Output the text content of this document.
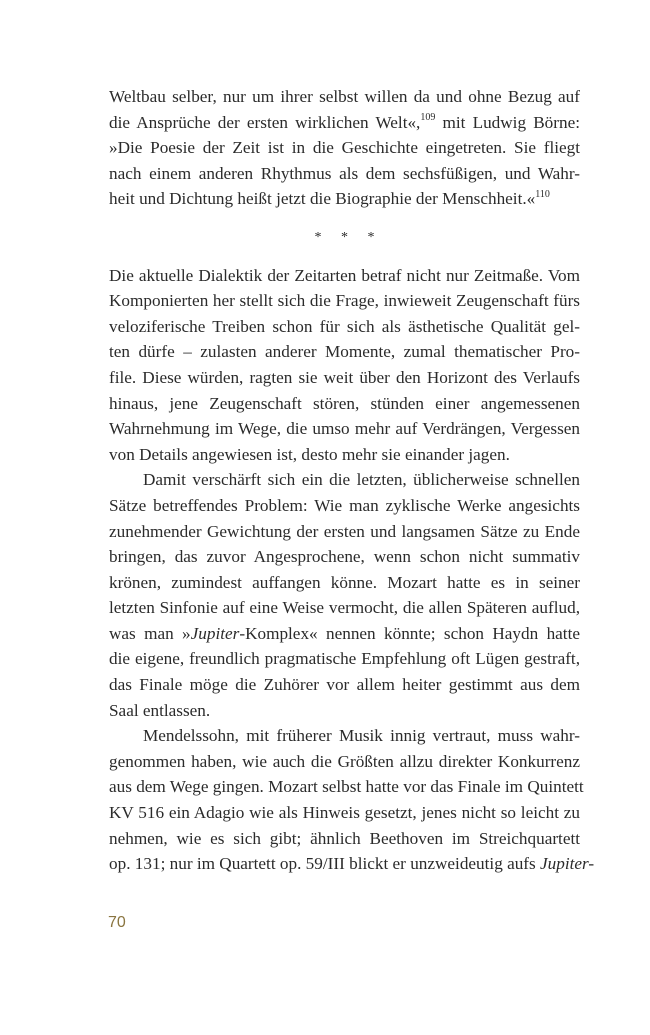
Weltbau selber, nur um ihrer selbst willen da und ohne Bezug auf
die Ansprüche der ersten wirklichen Welt«,$^{109}$ mit Ludwig Börne:
»Die Poesie der Zeit ist in die Geschichte eingetreten. Sie fliegt
nach einem anderen Rhythmus als dem sechsfüßigen, und Wahr-
heit und Dichtung heißt jetzt die Biographie der Menschheit.«$^{110}$
* * *
Die aktuelle Dialektik der Zeitarten betraf nicht nur Zeitmaße. Vom
Komponierten her stellt sich die Frage, inwieweit Zeugenschaft fürs
veloziferische Treiben schon für sich als ästhetische Qualität gel-
ten dürfe – zulasten anderer Momente, zumal thematischer Pro-
file. Diese würden, ragten sie weit über den Horizont des Verlaufs
hinaus, jene Zeugenschaft stören, stünden einer angemessenen
Wahrnehmung im Wege, die umso mehr auf Verdrängen, Vergessen
von Details angewiesen ist, desto mehr sie einander jagen.
Damit verschärft sich ein die letzten, üblicherweise schnellen
Sätze betreffendes Problem: Wie man zyklische Werke angesichts
zunehmender Gewichtung der ersten und langsamen Sätze zu Ende
bringen, das zuvor Angesprochene, wenn schon nicht summativ
krönen, zumindest auffangen könne. Mozart hatte es in seiner
letzten Sinfonie auf eine Weise vermocht, die allen Späteren auflud,
was man »Jupiter-Komplex« nennen könnte; schon Haydn hatte
die eigene, freundlich pragmatische Empfehlung oft Lügen gestraft,
das Finale möge die Zuhörer vor allem heiter gestimmt aus dem
Saal entlassen.
Mendelssohn, mit früherer Musik innig vertraut, muss wahr-
genommen haben, wie auch die Größten allzu direkter Konkurrenz
aus dem Wege gingen. Mozart selbst hatte vor das Finale im Quintett
KV 516 ein Adagio wie als Hinweis gesetzt, jenes nicht so leicht zu
nehmen, wie es sich gibt; ähnlich Beethoven im Streichquartett
op. 131; nur im Quartett op. 59/III blickt er unzweideutig aufs Jupiter-
70
